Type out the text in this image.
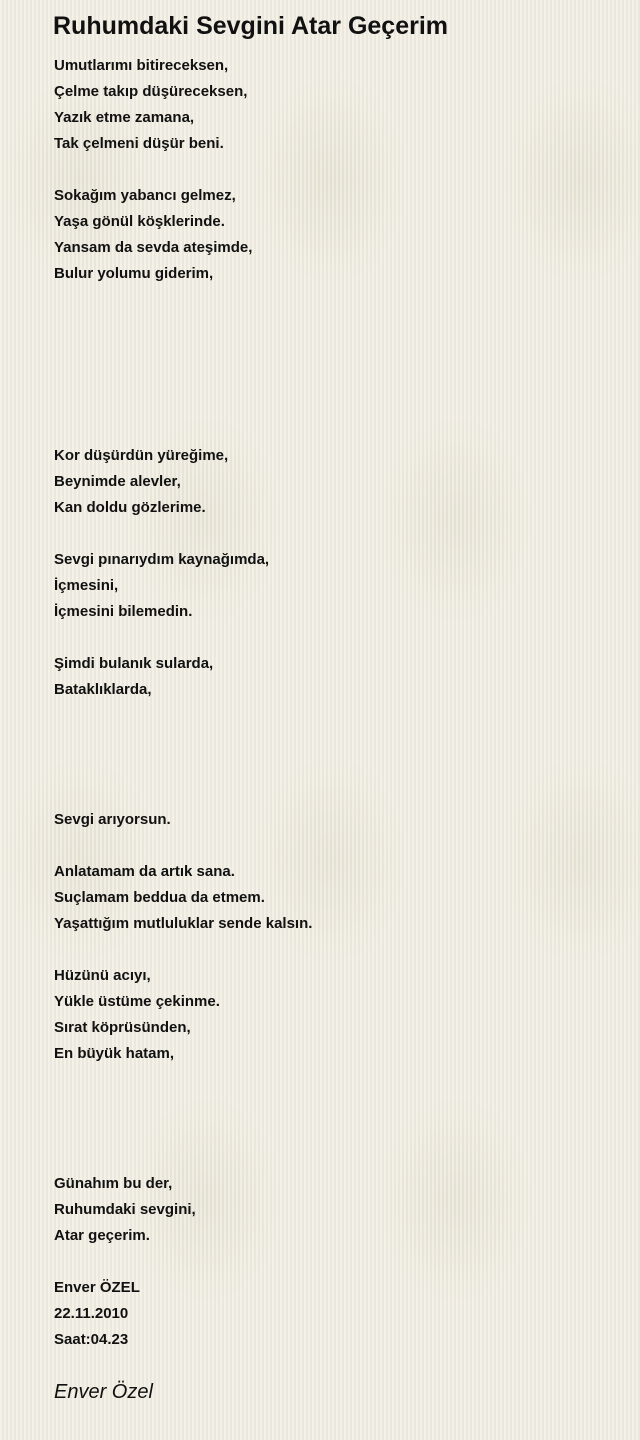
Ruhumdaki Sevgini Atar Geçerim
Umutlarımı bitireceksen,
Çelme takıp düşüreceksen,
Yazık etme zamana,
Tak çelmeni düşür beni.
Sokağım yabancı gelmez,
Yaşa gönül köşklerinde.
Yansam da sevda ateşimde,
Bulur yolumu giderim,
Kor düşürdün yüreğime,
Beynimde alevler,
Kan doldu gözlerime.
Sevgi pınarıydım kaynağımda,
İçmesini,
İçmesini bilemedin.
Şimdi bulanık sularda,
Bataklıklarda,
Sevgi arıyorsun.
Anlatamam da artık sana.
Suçlamam beddua da etmem.
Yaşattığım mutluluklar sende kalsın.
Hüzünü acıyı,
Yükle üstüme çekinme.
Sırat köprüsünden,
En büyük hatam,
Günahım bu der,
Ruhumdaki sevgini,
Atar geçerim.
Enver ÖZEL
22.11.2010
Saat:04.23
Enver Özel
